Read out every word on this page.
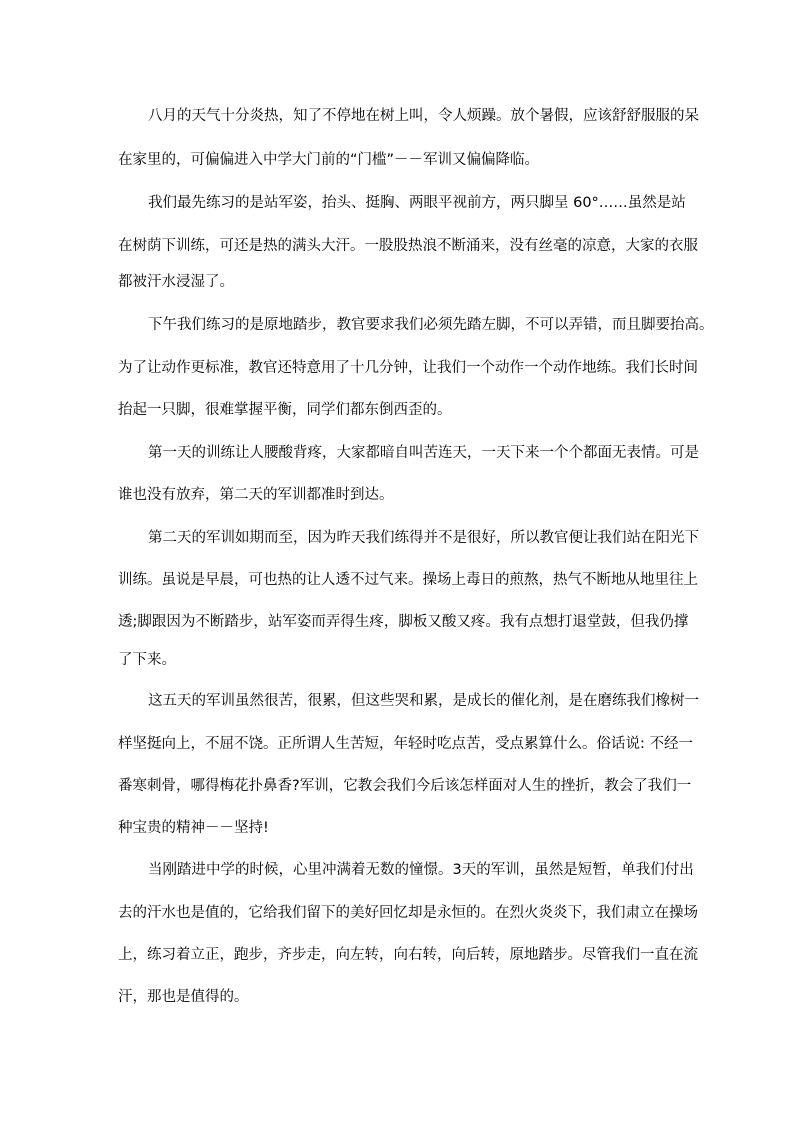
八月的天气十分炎热，知了不停地在树上叫，令人烦躁。放个暑假，应该舒舒服服的呆
在家里的，可偏偏进入中学大门前的“门槛”－－军训又偏偏降临。
我们最先练习的是站军姿，抬头、挺胸、两眼平视前方，两只脚呈 60°……虽然是站
在树荫下训练，可还是热的满头大汗。一股股热浪不断涌来，没有丝毫的凉意，大家的衣服
都被汗水浸湿了。
下午我们练习的是原地踏步，教官要求我们必须先踏左脚，不可以弄错，而且脚要抬高。
为了让动作更标准，教官还特意用了十几分钟，让我们一个动作一个动作地练。我们长时间
抬起一只脚，很难掌握平衡，同学们都东倒西歪的。
第一天的训练让人腰酸背疼，大家都暗自叫苦连天，一天下来一个个都面无表情。可是
谁也没有放弃，第二天的军训都准时到达。
第二天的军训如期而至，因为昨天我们练得并不是很好，所以教官便让我们站在阳光下
训练。虽说是早晨，可也热的让人透不过气来。操场上毒日的煎熬，热气不断地从地里往上
透;脚跟因为不断踏步，站军姿而弄得生疼，脚板又酸又疼。我有点想打退堂鼓，但我仍撑
了下来。
这五天的军训虽然很苦，很累，但这些哭和累，是成长的催化剂，是在磨练我们橡树一
样坚挺向上，不屈不饶。正所谓人生苦短，年轻时吃点苦，受点累算什么。俗话说: 不经一
番寒刺骨，哪得梅花扑鼻香?军训，它教会我们今后该怎样面对人生的挫折，教会了我们一
种宝贵的精神－－坚持!
当刚踏进中学的时候，心里冲满着无数的憧憬。3天的军训，虽然是短暂，单我们付出
去的汗水也是值的，它给我们留下的美好回忆却是永恒的。在烈火炎炎下，我们肃立在操场
上，练习着立正，跑步，齐步走，向左转，向右转，向后转，原地踏步。尽管我们一直在流
汗，那也是值得的。
